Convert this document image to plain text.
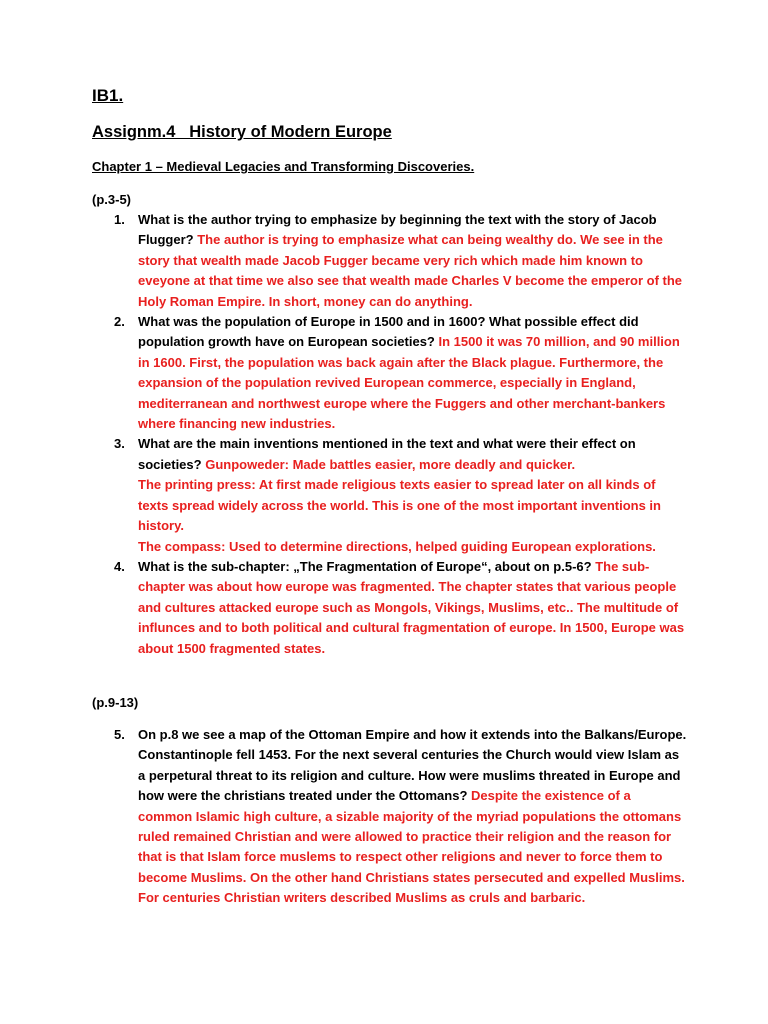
IB1.
Assignm.4   History of Modern Europe
Chapter 1 – Medieval Legacies and Transforming Discoveries.
(p.3-5)
1. What is the author trying to emphasize by beginning the text with the story of Jacob Flugger? The author is trying to emphasize what can being wealthy do. We see in the story that wealth made Jacob Fugger became very rich which made him known to eveyone at that time we also see that wealth made Charles V become the emperor of the Holy Roman Empire. In short, money can do anything.
2. What was the population of Europe in 1500 and in 1600? What possible effect did population growth have on European societies? In 1500 it was 70 million, and 90 million in 1600. First, the population was back again after the Black plague. Furthermore, the expansion of the population revived European commerce, especially in England, mediterranean and northwest europe where the Fuggers and other merchant-bankers where financing new industries.
3. What are the main inventions mentioned in the text and what were their effect on societies? Gunpoweder: Made battles easier, more deadly and quicker.
The printing press: At first made religious texts easier to spread later on all kinds of texts spread widely across the world. This is one of the most important inventions in history.
The compass: Used to determine directions, helped guiding European explorations.
4. What is the sub-chapter: „The Fragmentation of Europe“, about on p.5-6? The sub-chapter was about how europe was fragmented. The chapter states that various people and cultures attacked europe such as Mongols, Vikings, Muslims, etc.. The multitude of influnces and to both political and cultural fragmentation of europe. In 1500, Europe was about 1500 fragmented states.
(p.9-13)
5. On p.8 we see a map of the Ottoman Empire and how it extends into the Balkans/Europe. Constantinople fell 1453. For the next several centuries the Church would view Islam as a perpetural threat to its religion and culture. How were muslims threated in Europe and how were the christians treated under the Ottomans? Despite the existence of a common Islamic high culture, a sizable majority of the myriad populations the ottomans ruled remained Christian and were allowed to practice their religion and the reason for that is that Islam force muslems to respect other religions and never to force them to become Muslims. On the other hand Christians states persecuted and expelled Muslims. For centuries Christian writers described Muslims as cruls and barbaric.
